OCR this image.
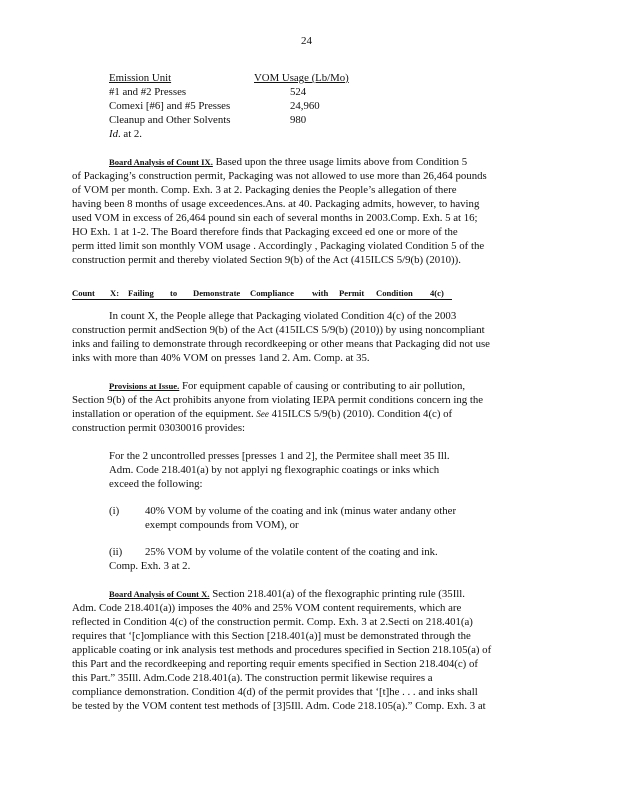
24
Emission Unit	VOM Usage (Lb/Mo)
#1 and #2 Presses	524
Comexi [#6] and #5 Presses	24,960
Cleanup and Other Solvents	980
Id. at 2.
Board Analysis of Count IX. Based upon the three usage limits above from Condition 5
of Packaging’s construction permit, Packaging was not allowed to use more than 26,464 pounds
of VOM per month. Comp. Exh. 3 at 2. Packaging denies the People’s allegation of there
having been 8 months of usage exceedences.Ans. at 40. Packaging admits, however, to having
used VOM in excess of 26,464 pound sin each of several months in 2003.Comp. Exh. 5 at 16;
HO Exh. 1 at 1-2. The Board therefore finds that Packaging exceed ed one or more of the
perm itted limit son monthly VOM usage . Accordingly , Packaging violated Condition 5 of the
construction permit and thereby violated Section 9(b) of the Act (415ILCS 5/9(b) (2010)).
Count X: Failing to Demonstrate Compliance with Permit Condition 4(c)
In count X, the People allege that Packaging violated Condition 4(c) of the 2003
construction permit andSection 9(b) of the Act (415ILCS 5/9(b) (2010)) by using noncompliant
inks and failing to demonstrate through recordkeeping or other means that Packaging did not use
inks with more than 40% VOM on presses 1and 2. Am. Comp. at 35.
Provisions at Issue. For equipment capable of causing or contributing to air pollution,
Section 9(b) of the Act prohibits anyone from violating IEPA permit conditions concern ing the
installation or operation of the equipment. See 415ILCS 5/9(b) (2010). Condition 4(c) of
construction permit 03030016 provides:
For the 2 uncontrolled presses [presses 1 and 2], the Permitee shall meet 35 Ill.
Adm. Code 218.401(a) by not applyi ng flexographic coatings or inks which
exceed the following:
(i) 40% VOM by volume of the coating and ink (minus water andany other
exempt compounds from VOM), or
(ii) 25% VOM by volume of the volatile content of the coating and ink.
Comp. Exh. 3 at 2.
Board Analysis of Count X. Section 218.401(a) of the flexographic printing rule (35Ill.
Adm. Code 218.401(a)) imposes the 40% and 25% VOM content requirements, which are
reflected in Condition 4(c) of the construction permit. Comp. Exh. 3 at 2.Secti on 218.401(a)
requires that ‘[c]ompliance with this Section [218.401(a)] must be demonstrated through the
applicable coating or ink analysis test methods and procedures specified in Section 218.105(a) of
this Part and the recordkeeping and reporting requir ements specified in Section 218.404(c) of
this Part.” 35Ill. Adm.Code 218.401(a). The construction permit likewise requires a
compliance demonstration. Condition 4(d) of the permit provides that ‘[t]he . . . and inks shall
be tested by the VOM content test methods of [3]5Ill. Adm. Code 218.105(a).” Comp. Exh. 3 at
